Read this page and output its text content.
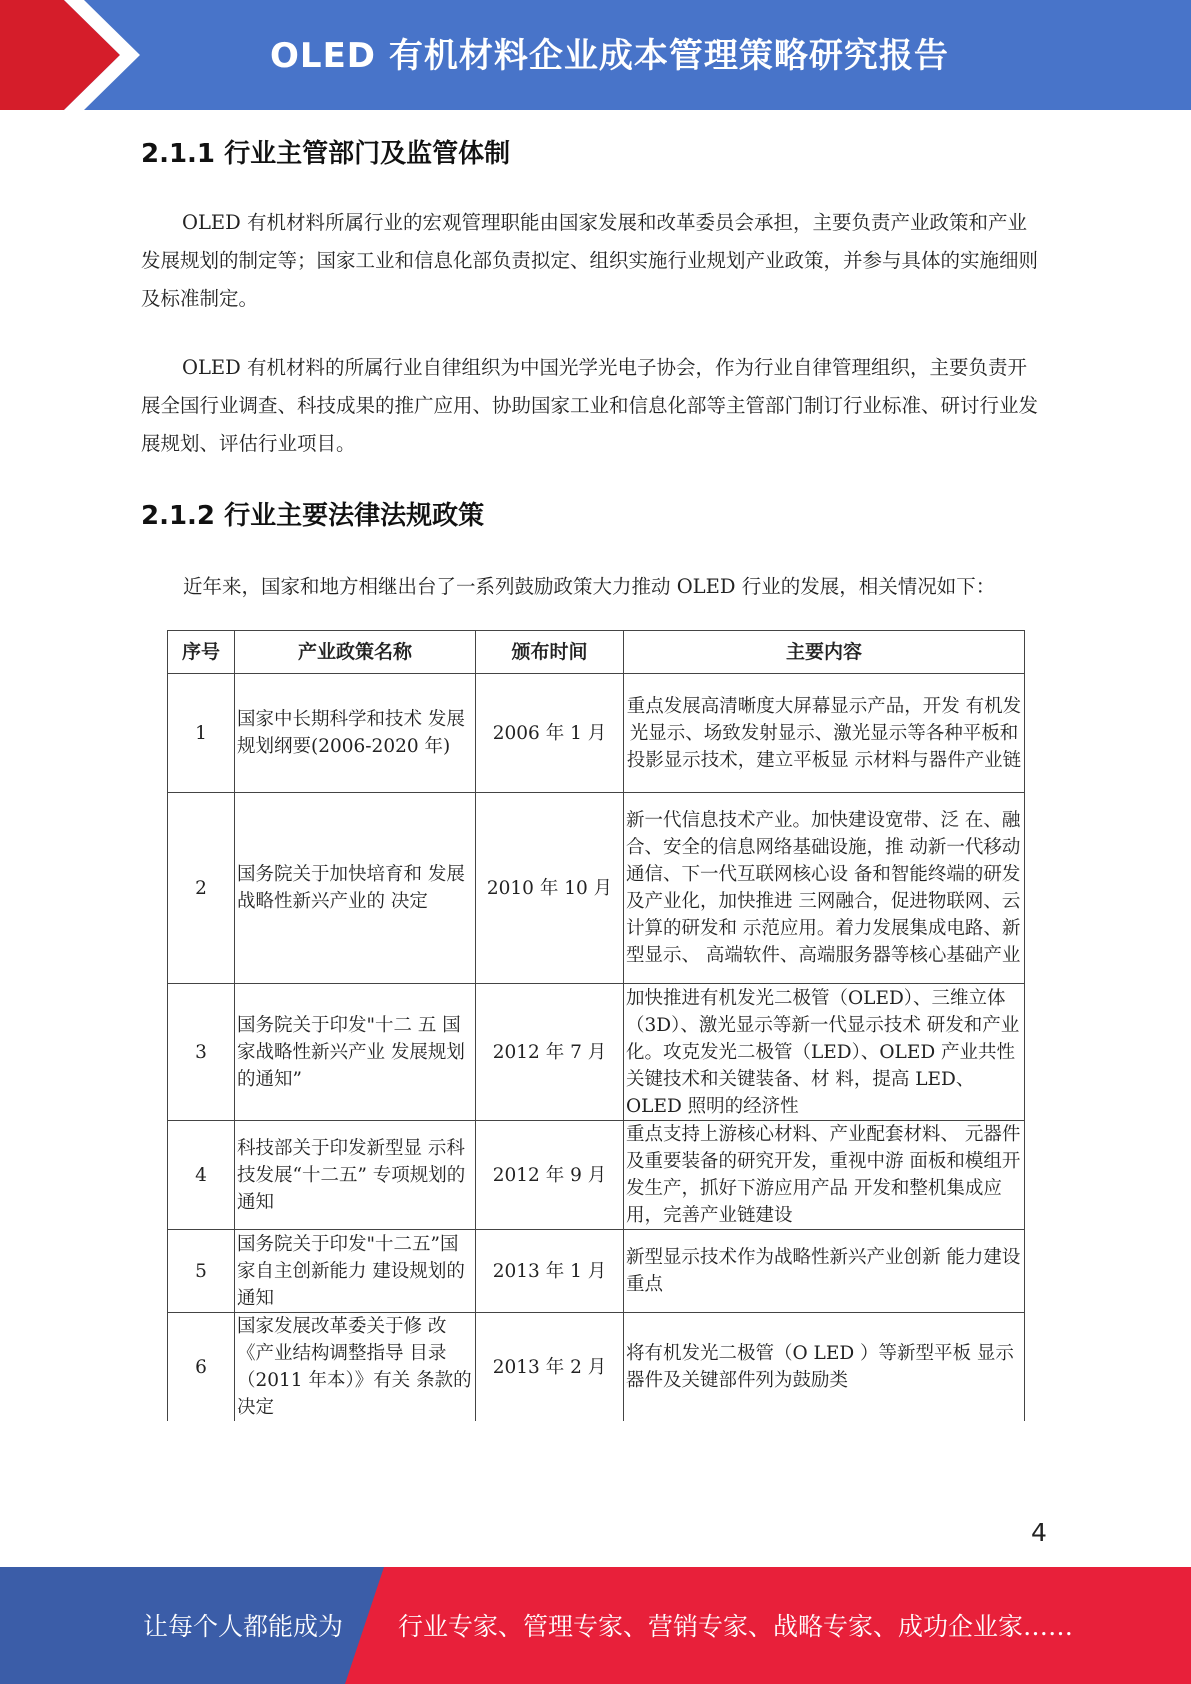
OLED 有机材料企业成本管理策略研究报告
2.1.1 行业主管部门及监管体制

OLED 有机材料所属行业的宏观管理职能由国家发展和改革委员会承担，主要负责产业政策和产业发展规划的制定等；国家工业和信息化部负责拟定、组织实施行业规划产业政策，并参与具体的实施细则及标准制定。

OLED 有机材料的所属行业自律组织为中国光学光电子协会，作为行业自律管理组织，主要负责开展全国行业调查、科技成果的推广应用、协助国家工业和信息化部等主管部门制订行业标准、研讨行业发展规划、评估行业项目。

2.1.2 行业主要法律法规政策
近年来，国家和地方相继出台了一系列鼓励政策大力推动 OLED 行业的发展，相关情况如下：
序号	产业政策名称	颁布时间	主要内容
1	国家中长期科学和技术 发展规划纲要(2006-2020 年)	2006 年 1 月	重点发展高清晰度大屏幕显示产品，开发 有机发光显示、场致发射显示、激光显示等各种平板和投影显示技术，建立平板显 示材料与器件产业链
2	国务院关于加快培育和 发展战略性新兴产业的 决定	2010 年 10 月	新一代信息技术产业。加快建设宽带、泛 在、融合、安全的信息网络基础设施，推 动新一代移动通信、下一代互联网核心设 备和智能终端的研发及产业化，加快推进 三网融合，促进物联网、云计算的研发和 示范应用。着力发展集成电路、新型显示、 高端软件、高端服务器等核心基础产业
3	国务院关于印发"十二 五 国家战略性新兴产业 发展规划的通知”	2012 年 7 月	加快推进有机发光二极管（OLED）、三维立体（3D）、激光显示等新一代显示技术 研发和产业化。攻克发光二极管（LED）、OLED 产业共性关键技术和关键装备、材 料，提高 LED、OLED 照明的经济性
4	科技部关于印发新型显 示科技发展“十二五” 专项规划的通知	2012 年 9 月	重点支持上游核心材料、产业配套材料、 元器件及重要装备的研究开发，重视中游 面板和模组开发生产，抓好下游应用产品 开发和整机集成应用，完善产业链建设
5	国务院关于印发"十二五”国家自主创新能力 建设规划的通知	2013 年 1 月	新型显示技术作为战略性新兴产业创新 能力建设重点
6	国家发展改革委关于修 改《产业结构调整指导 目录（2011 年本）》有关 条款的决定	2013 年 2 月	将有机发光二极管（O LED ）等新型平板 显示器件及关键部件列为鼓励类
4
让每个人都能成为 行业专家、管理专家、营销专家、战略专家、成功企业家……
